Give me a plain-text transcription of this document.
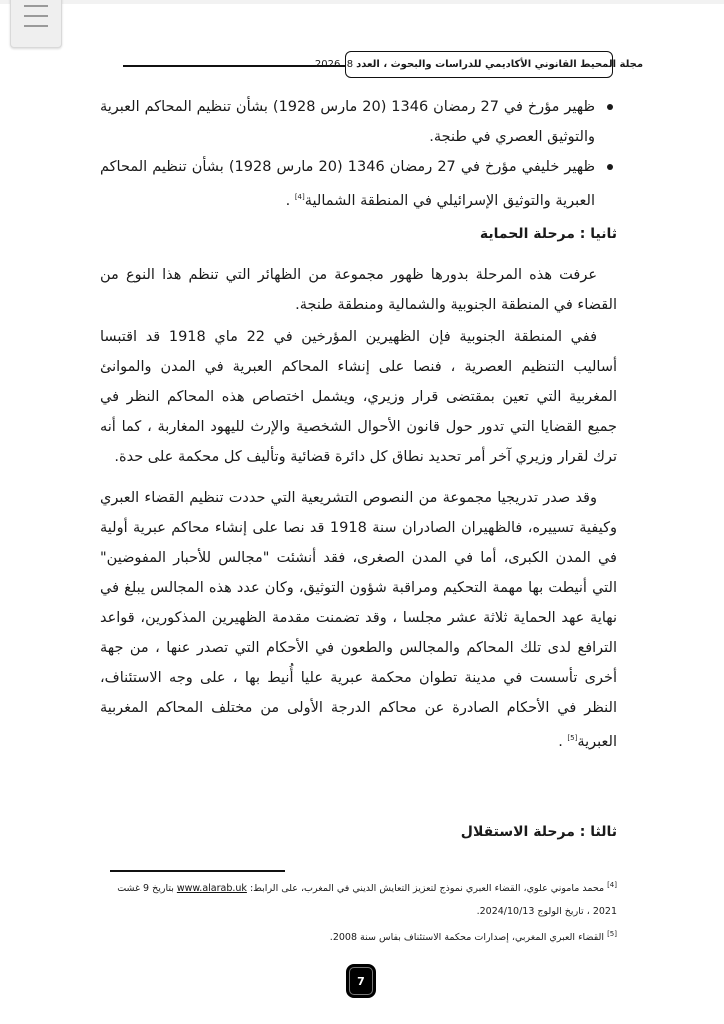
مجلة المحيط القانوني الأكاديمي للدراسات والبحوث ، العدد
8، 2026
ظهير مؤرخ في 27 رمضان 1346 (20 مارس 1928) بشأن تنظيم المحاكم العبرية والتوثيق العصري في طنجة.
ظهير خليفي مؤرخ في 27 رمضان 1346 (20 مارس 1928) بشأن تنظيم المحاكم العبرية والتوثيق الإسرائيلي في المنطقة الشمالية[4] .
ثانيا : مرحلة الحماية

عرفت هذه المرحلة بدورها ظهور مجموعة من الظهائر التي تنظم هذا النوع من القضاء في المنطقة الجنوبية والشمالية ومنطقة طنجة.

ففي المنطقة الجنوبية فإن الظهيرين المؤرخين في 22 ماي 1918 قد اقتبسا أساليب التنظيم العصرية ، فنصا على إنشاء المحاكم العبرية في المدن والموانئ المغربية التي تعين بمقتضى قرار وزيري، ويشمل اختصاص هذه المحاكم النظر في جميع القضايا التي تدور حول قانون الأحوال الشخصية والإرث لليهود المغاربة ، كما أنه ترك لقرار وزيري آخر أمر تحديد نطاق كل دائرة قضائية وتأليف كل محكمة على حدة.

وقد صدر تدريجيا مجموعة من النصوص التشريعية التي حددت تنظيم القضاء العبري وكيفية تسييره، فالظهيران الصادران سنة 1918 قد نصا على إنشاء محاكم عبرية أولية في المدن الكبرى، أما في المدن الصغرى، فقد أنشئت "مجالس للأحبار المفوضين" التي أنيطت بها مهمة التحكيم ومراقبة شؤون التوثيق، وكان عدد هذه المجالس يبلغ في نهاية عهد الحماية ثلاثة عشر مجلسا ، وقد تضمنت مقدمة الظهيرين المذكورين، قواعد الترافع لدى تلك المحاكم والمجالس والطعون في الأحكام التي تصدر عنها ، من جهة أخرى تأسست في مدينة تطوان محكمة عبرية عليا أُنيط بها ، على وجه الاستئناف، النظر في الأحكام الصادرة عن محاكم الدرجة الأولى من مختلف المحاكم المغربية العبرية[5] .

ثالثا : مرحلة الاستقلال
[4] محمد ماموني علوي، القضاء العبري نموذج لتعزيز التعايش الديني في المغرب، على الرابط: www.alarab.uk بتاريخ 9 غشت 2021 ، تاريخ الولوج 2024/10/13.
[5] القضاء العبري المغربي، إصدارات محكمة الاستئناف بفاس سنة 2008.
7
